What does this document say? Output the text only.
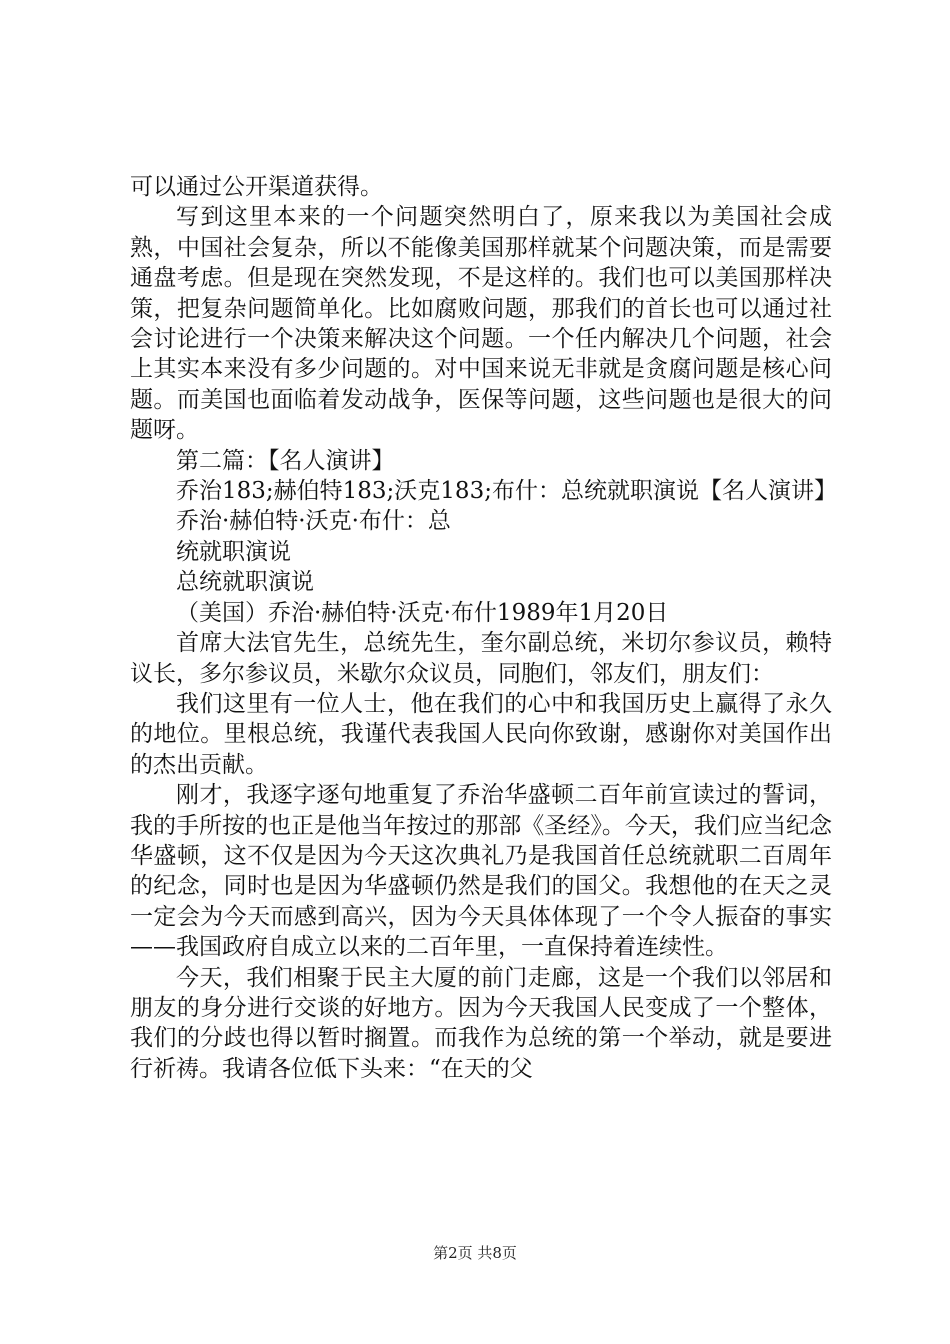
可以通过公开渠道获得。

写到这里本来的一个问题突然明白了，原来我以为美国社会成熟，中国社会复杂，所以不能像美国那样就某个问题决策，而是需要通盘考虑。但是现在突然发现，不是这样的。我们也可以美国那样决策，把复杂问题简单化。比如腐败问题，那我们的首长也可以通过社会讨论进行一个决策来解决这个问题。一个任内解决几个问题，社会上其实本来没有多少问题的。对中国来说无非就是贪腐问题是核心问题。而美国也面临着发动战争，医保等问题，这些问题也是很大的问题呀。

第二篇：【名人演讲】

乔治183;赫伯特183;沃克183;布什：总统就职演说【名人演讲】

乔治·赫伯特·沃克·布什：总

统就职演说

总统就职演说

（美国）乔治·赫伯特·沃克·布什1989年1月20日

首席大法官先生，总统先生，奎尔副总统，米切尔参议员，赖特议长，多尔参议员，米歇尔众议员，同胞们，邻友们，朋友们：

我们这里有一位人士，他在我们的心中和我国历史上赢得了永久的地位。里根总统，我谨代表我国人民向你致谢，感谢你对美国作出的杰出贡献。

刚才，我逐字逐句地重复了乔治华盛顿二百年前宣读过的誓词，我的手所按的也正是他当年按过的那部《圣经》。今天，我们应当纪念华盛顿，这不仅是因为今天这次典礼乃是我国首任总统就职二百周年的纪念，同时也是因为华盛顿仍然是我们的国父。我想他的在天之灵一定会为今天而感到高兴，因为今天具体体现了一个令人振奋的事实——我国政府自成立以来的二百年里，一直保持着连续性。

今天，我们相聚于民主大厦的前门走廊，这是一个我们以邻居和朋友的身分进行交谈的好地方。因为今天我国人民变成了一个整体，我们的分歧也得以暂时搁置。而我作为总统的第一个举动，就是要进行祈祷。我请各位低下头来：“在天的父

第2页 共8页
